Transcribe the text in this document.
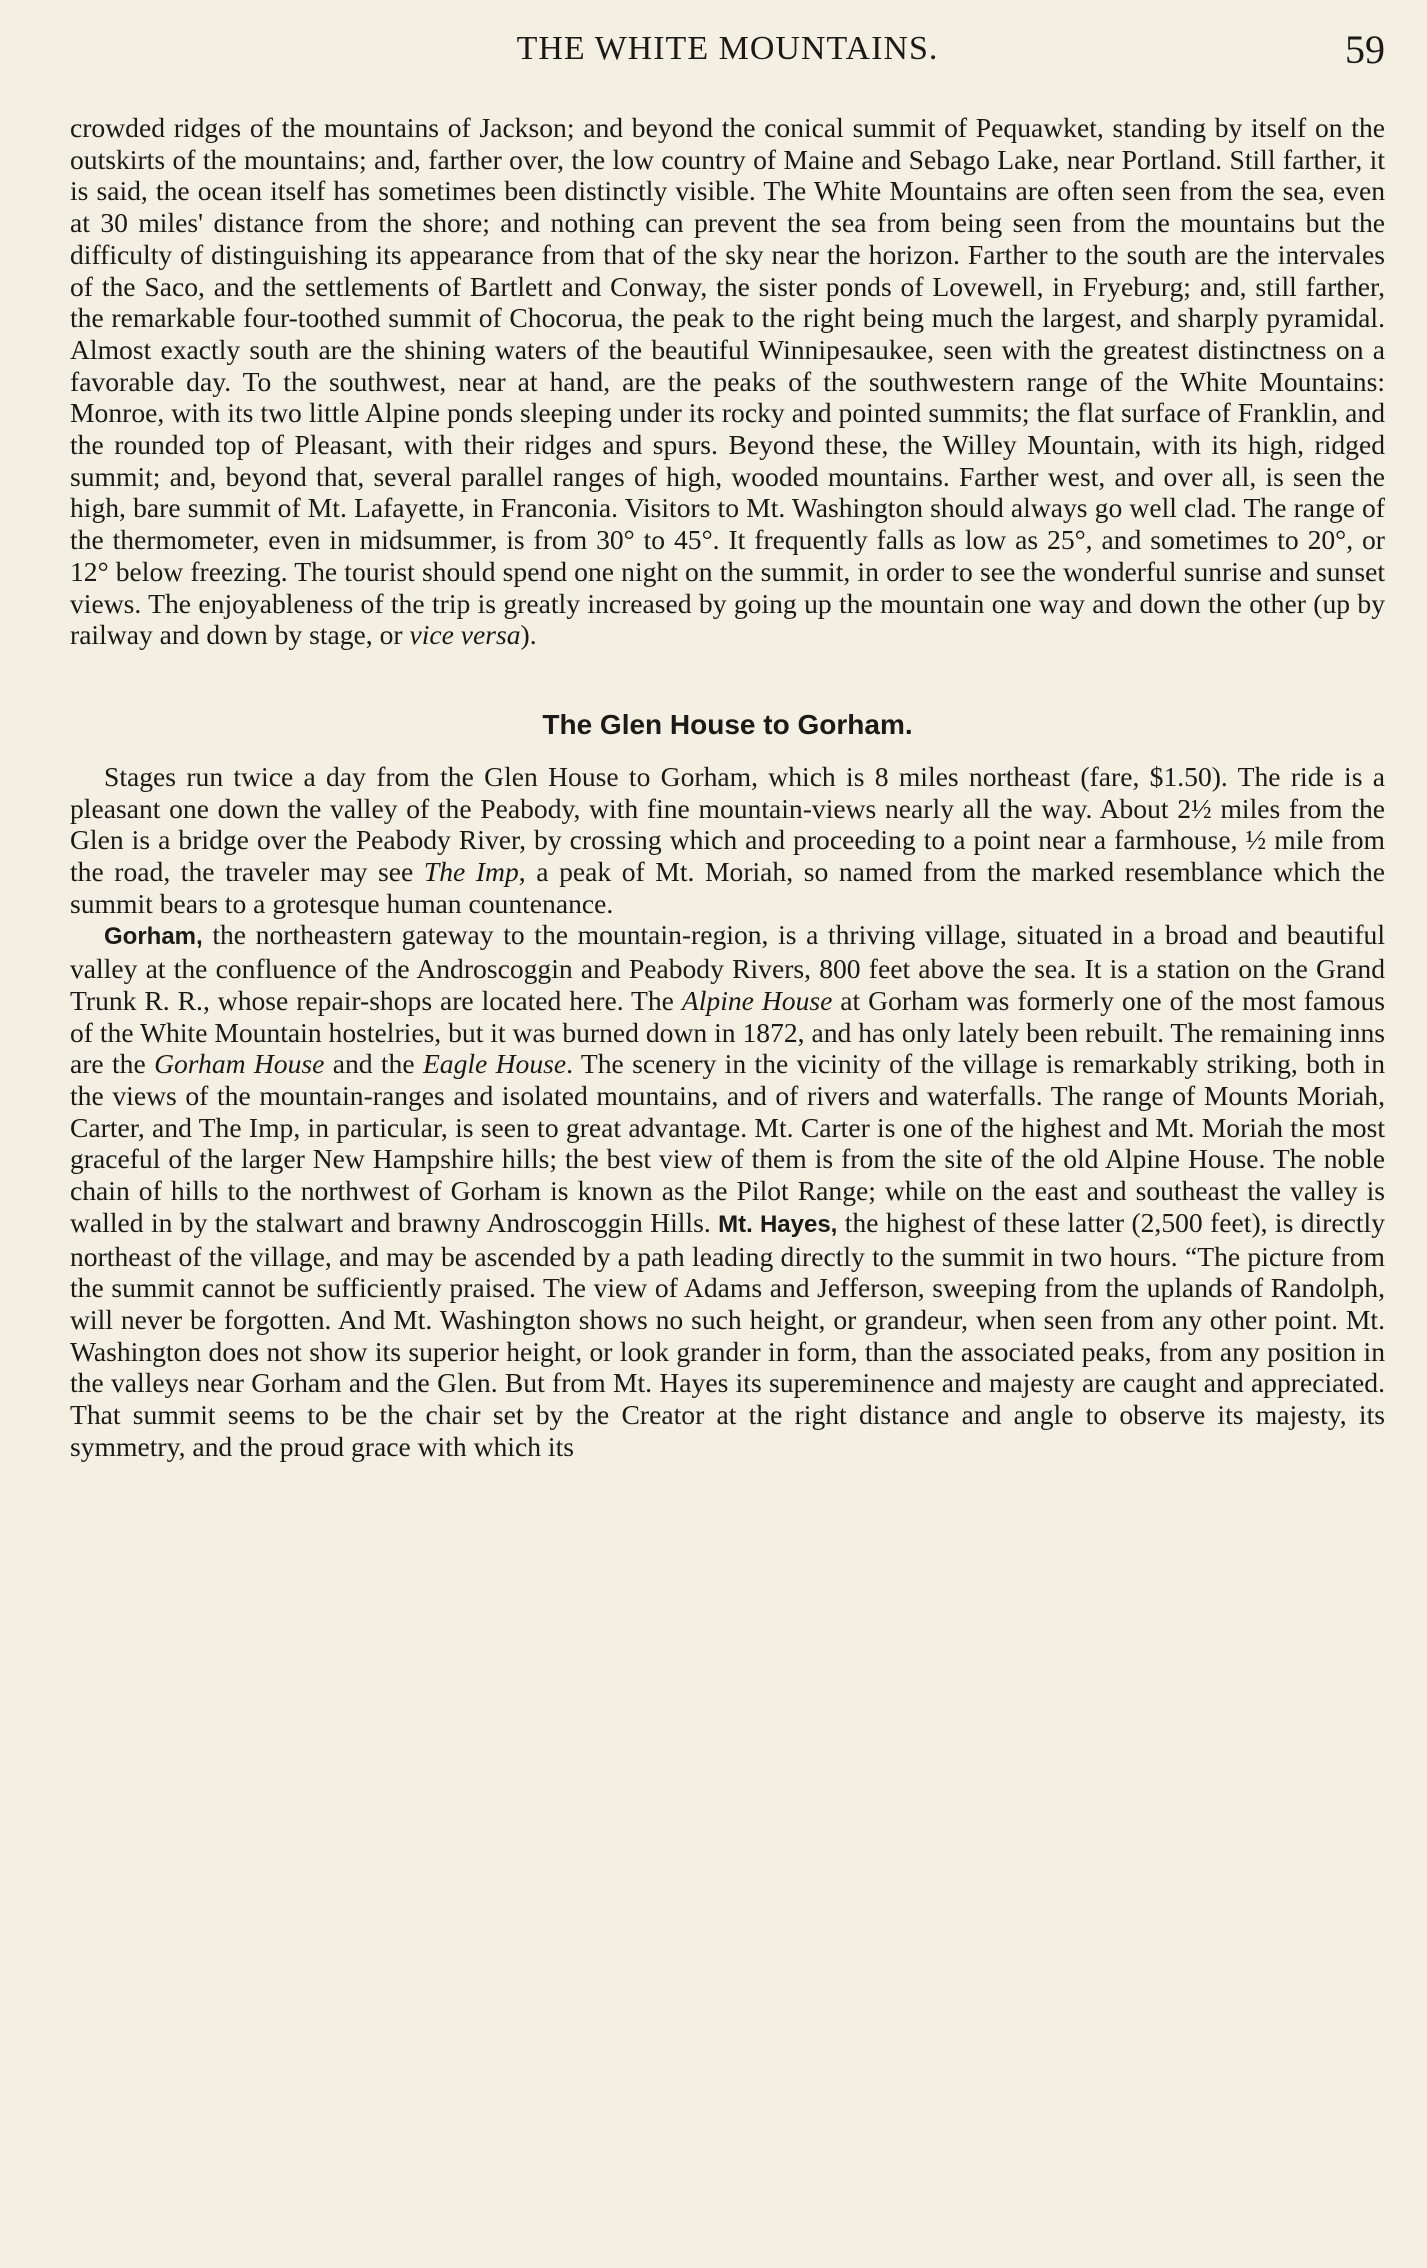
THE WHITE MOUNTAINS.	59

crowded ridges of the mountains of Jackson; and beyond the conical summit of Pequawket, standing by itself on the outskirts of the mountains; and, farther over, the low country of Maine and Sebago Lake, near Portland. Still farther, it is said, the ocean itself has sometimes been distinctly visible. The White Mountains are often seen from the sea, even at 30 miles' distance from the shore; and nothing can prevent the sea from being seen from the mountains but the difficulty of distinguishing its appearance from that of the sky near the horizon. Farther to the south are the intervales of the Saco, and the settlements of Bartlett and Conway, the sister ponds of Lovewell, in Fryeburg; and, still farther, the remarkable four-toothed summit of Chocorua, the peak to the right being much the largest, and sharply pyramidal. Almost exactly south are the shining waters of the beautiful Winnipesaukee, seen with the greatest distinctness on a favorable day. To the southwest, near at hand, are the peaks of the southwestern range of the White Mountains: Monroe, with its two little Alpine ponds sleeping under its rocky and pointed summits; the flat surface of Franklin, and the rounded top of Pleasant, with their ridges and spurs. Beyond these, the Willey Mountain, with its high, ridged summit; and, beyond that, several parallel ranges of high, wooded mountains. Farther west, and over all, is seen the high, bare summit of Mt. Lafayette, in Franconia. Visitors to Mt. Washington should always go well clad. The range of the thermometer, even in midsummer, is from 30° to 45°. It frequently falls as low as 25°, and sometimes to 20°, or 12° below freezing. The tourist should spend one night on the summit, in order to see the wonderful sunrise and sunset views. The enjoyableness of the trip is greatly increased by going up the mountain one way and down the other (up by railway and down by stage, or vice versa).

The Glen House to Gorham.

Stages run twice a day from the Glen House to Gorham, which is 8 miles northeast (fare, $1.50). The ride is a pleasant one down the valley of the Peabody, with fine mountain-views nearly all the way. About 2½ miles from the Glen is a bridge over the Peabody River, by crossing which and proceeding to a point near a farmhouse, ½ mile from the road, the traveler may see The Imp, a peak of Mt. Moriah, so named from the marked resemblance which the summit bears to a grotesque human countenance.

Gorham, the northeastern gateway to the mountain-region, is a thriving village, situated in a broad and beautiful valley at the confluence of the Androscoggin and Peabody Rivers, 800 feet above the sea. It is a station on the Grand Trunk R. R., whose repair-shops are located here. The Alpine House at Gorham was formerly one of the most famous of the White Mountain hostelries, but it was burned down in 1872, and has only lately been rebuilt. The remaining inns are the Gorham House and the Eagle House. The scenery in the vicinity of the village is remarkably striking, both in the views of the mountain-ranges and isolated mountains, and of rivers and waterfalls. The range of Mounts Moriah, Carter, and The Imp, in particular, is seen to great advantage. Mt. Carter is one of the highest and Mt. Moriah the most graceful of the larger New Hampshire hills; the best view of them is from the site of the old Alpine House. The noble chain of hills to the northwest of Gorham is known as the Pilot Range; while on the east and southeast the valley is walled in by the stalwart and brawny Androscoggin Hills. Mt. Hayes, the highest of these latter (2,500 feet), is directly northeast of the village, and may be ascended by a path leading directly to the summit in two hours. “The picture from the summit cannot be sufficiently praised. The view of Adams and Jefferson, sweeping from the uplands of Randolph, will never be forgotten. And Mt. Washington shows no such height, or grandeur, when seen from any other point. Mt. Washington does not show its superior height, or look grander in form, than the associated peaks, from any position in the valleys near Gorham and the Glen. But from Mt. Hayes its supereminence and majesty are caught and appreciated. That summit seems to be the chair set by the Creator at the right distance and angle to observe its majesty, its symmetry, and the proud grace with which its
